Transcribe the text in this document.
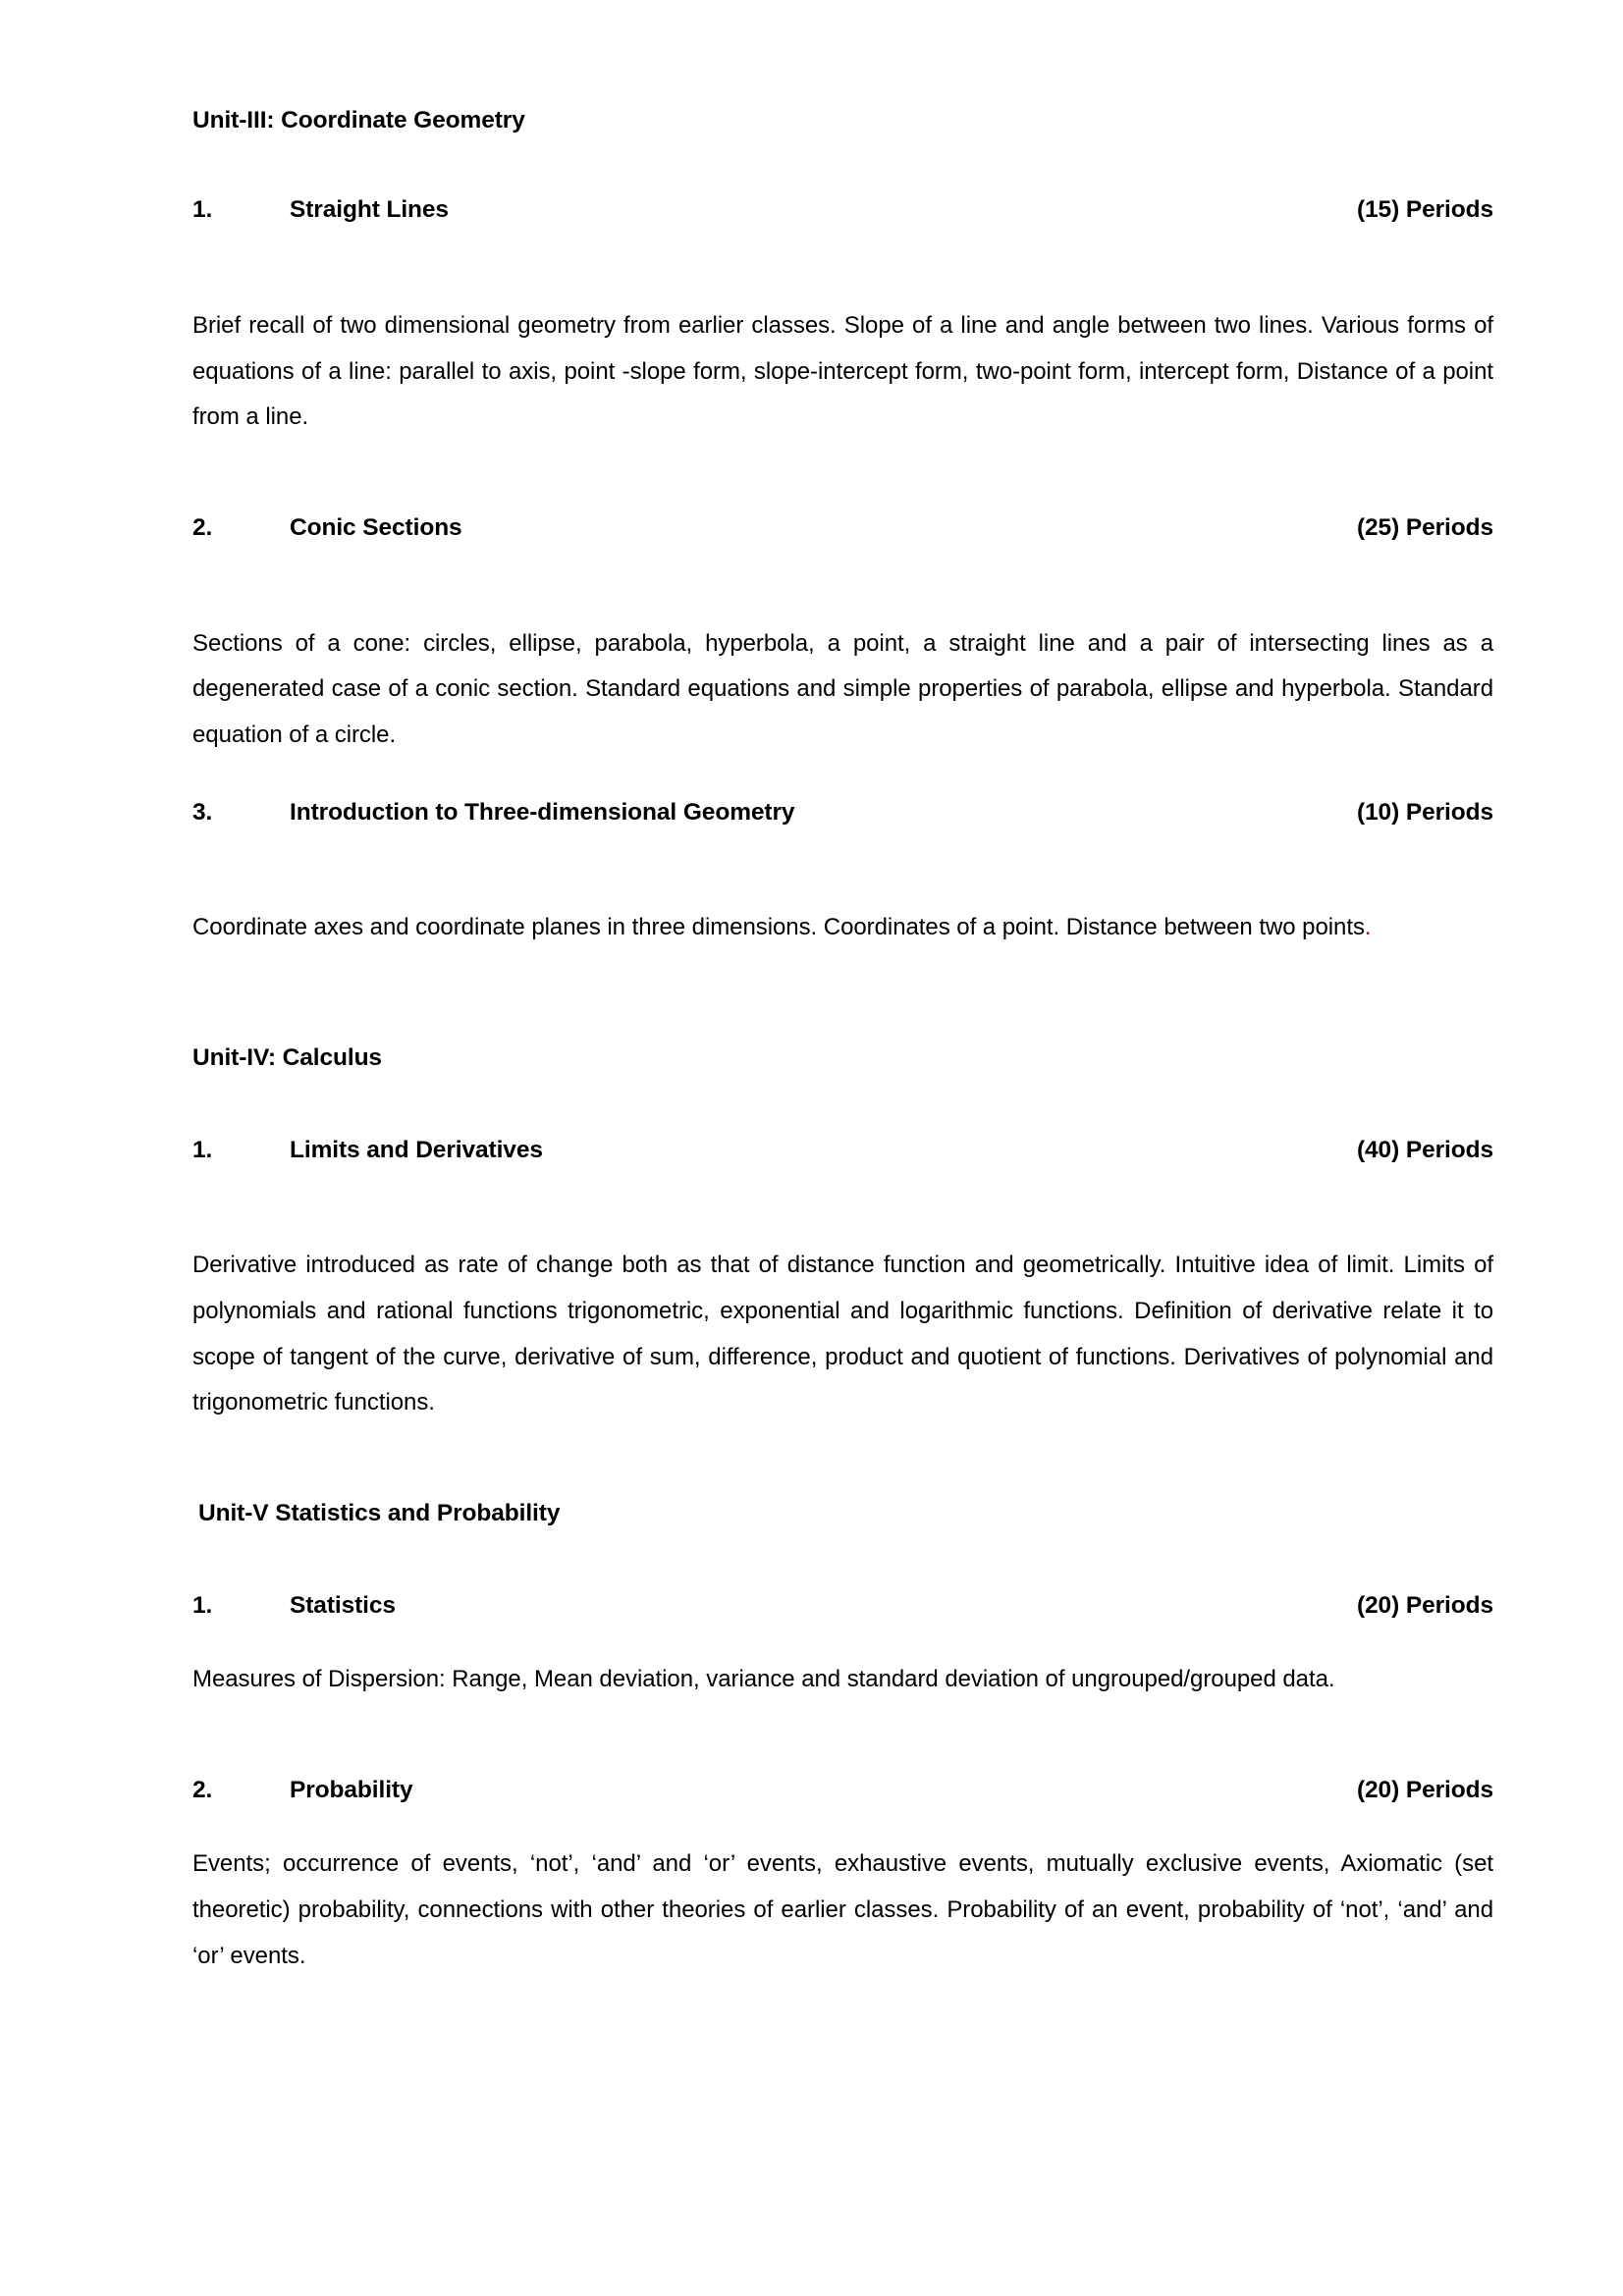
Unit-III: Coordinate Geometry
1.	Straight Lines	(15) Periods

Brief recall of two dimensional geometry from earlier classes. Slope of a line and angle between two lines. Various forms of equations of a line: parallel to axis, point -slope form, slope-intercept form, two-point form, intercept form, Distance of a point from a line.

2.	Conic Sections	(25) Periods

Sections of a cone: circles, ellipse, parabola, hyperbola, a point, a straight line and a pair of intersecting lines as a degenerated case of a conic section. Standard equations and simple properties of parabola, ellipse and hyperbola. Standard equation of a circle.

3.	Introduction to Three-dimensional Geometry	(10) Periods

Coordinate axes and coordinate planes in three dimensions. Coordinates of a point. Distance between two points.

Unit-IV: Calculus
1.	Limits and Derivatives	(40) Periods

Derivative introduced as rate of change both as that of distance function and geometrically. Intuitive idea of limit. Limits of polynomials and rational functions trigonometric, exponential and logarithmic functions. Definition of derivative relate it to scope of tangent of the curve, derivative of sum, difference, product and quotient of functions. Derivatives of polynomial and trigonometric functions.

Unit-V Statistics and Probability
1.	Statistics	(20) Periods

Measures of Dispersion: Range, Mean deviation, variance and standard deviation of ungrouped/grouped data.

2.	Probability	(20) Periods

Events; occurrence of events, ‘not’, ‘and’ and ‘or’ events, exhaustive events, mutually exclusive events, Axiomatic (set theoretic) probability, connections with other theories of earlier classes. Probability of an event, probability of ‘not’, ‘and’ and ‘or’ events.
